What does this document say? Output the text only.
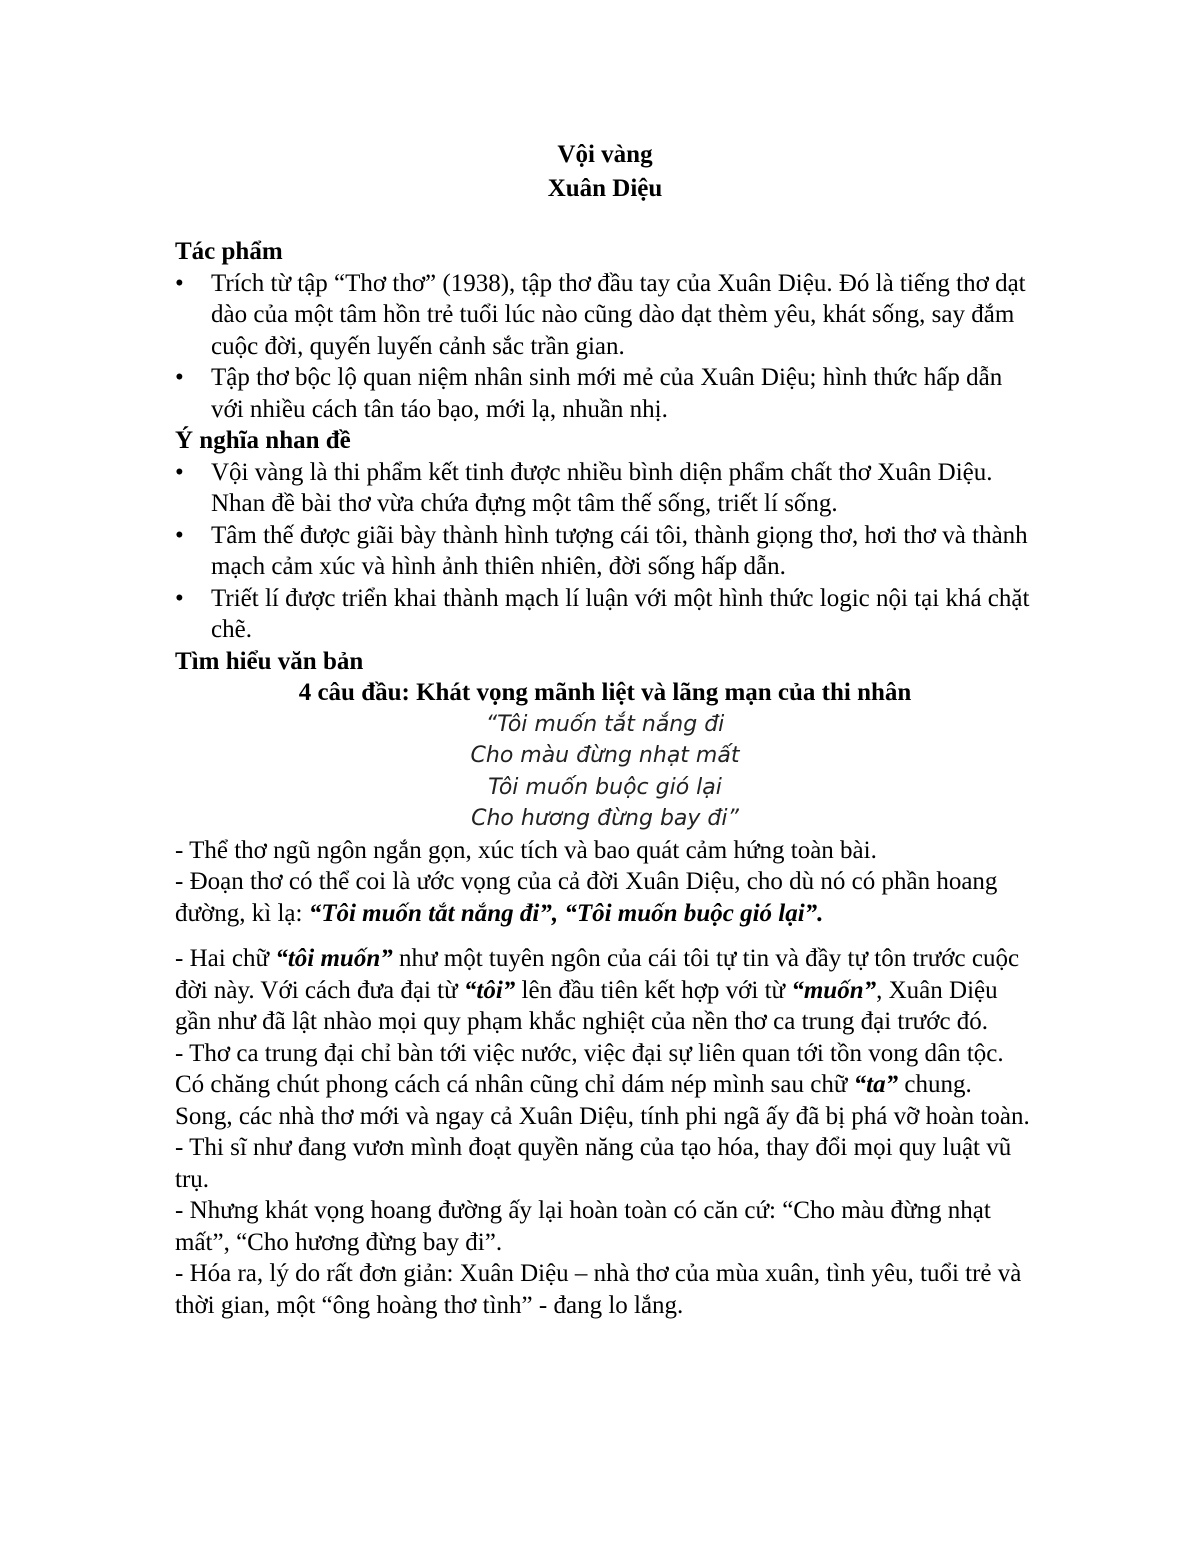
Vội vàng
Xuân Diệu
Tác phẩm
•	Trích từ tập “Thơ thơ” (1938), tập thơ đầu tay của Xuân Diệu. Đó là tiếng thơ dạt dào của một tâm hồn trẻ tuổi lúc nào cũng dào dạt thèm yêu, khát sống, say đắm cuộc đời, quyến luyến cảnh sắc trần gian.
•	Tập thơ bộc lộ quan niệm nhân sinh mới mẻ của Xuân Diệu; hình thức hấp dẫn với nhiều cách tân táo bạo, mới lạ, nhuần nhị.
Ý nghĩa nhan đề
•	Vội vàng là thi phẩm kết tinh được nhiều bình diện phẩm chất thơ Xuân Diệu. Nhan đề bài thơ vừa chứa đựng một tâm thế sống, triết lí sống.
•	Tâm thế được giãi bày thành hình tượng cái tôi, thành giọng thơ, hơi thơ và thành mạch cảm xúc và hình ảnh thiên nhiên, đời sống hấp dẫn.
•	Triết lí được triển khai thành mạch lí luận với một hình thức logic nội tại khá chặt chẽ.
Tìm hiểu văn bản
4 câu đầu: Khát vọng mãnh liệt và lãng mạn của thi nhân
“Tôi muốn tắt nắng đi
Cho màu đừng nhạt mất
Tôi muốn buộc gió lại
Cho hương đừng bay đi”

- Thể thơ ngũ ngôn ngắn gọn, xúc tích và bao quát cảm hứng toàn bài.

- Đoạn thơ có thể coi là ước vọng của cả đời Xuân Diệu, cho dù nó có phần hoang đường, kì lạ: “Tôi muốn tắt nắng đi”, “Tôi muốn buộc gió lại”.

- Hai chữ “tôi muốn” như một tuyên ngôn của cái tôi tự tin và đầy tự tôn trước cuộc đời này. Với cách đưa đại từ “tôi” lên đầu tiên kết hợp với từ “muốn”, Xuân Diệu gần như đã lật nhào mọi quy phạm khắc nghiệt của nền thơ ca trung đại trước đó.

- Thơ ca trung đại chỉ bàn tới việc nước, việc đại sự liên quan tới tồn vong dân tộc. Có chăng chút phong cách cá nhân cũng chỉ dám nép mình sau chữ “ta” chung. Song, các nhà thơ mới và ngay cả Xuân Diệu, tính phi ngã ấy đã bị phá vỡ hoàn toàn.

- Thi sĩ như đang vươn mình đoạt quyền năng của tạo hóa, thay đổi mọi quy luật vũ trụ.

- Nhưng khát vọng hoang đường ấy lại hoàn toàn có căn cứ: “Cho màu đừng nhạt mất”, “Cho hương đừng bay đi”.

- Hóa ra, lý do rất đơn giản: Xuân Diệu – nhà thơ của mùa xuân, tình yêu, tuổi trẻ và thời gian, một “ông hoàng thơ tình” - đang lo lắng.
